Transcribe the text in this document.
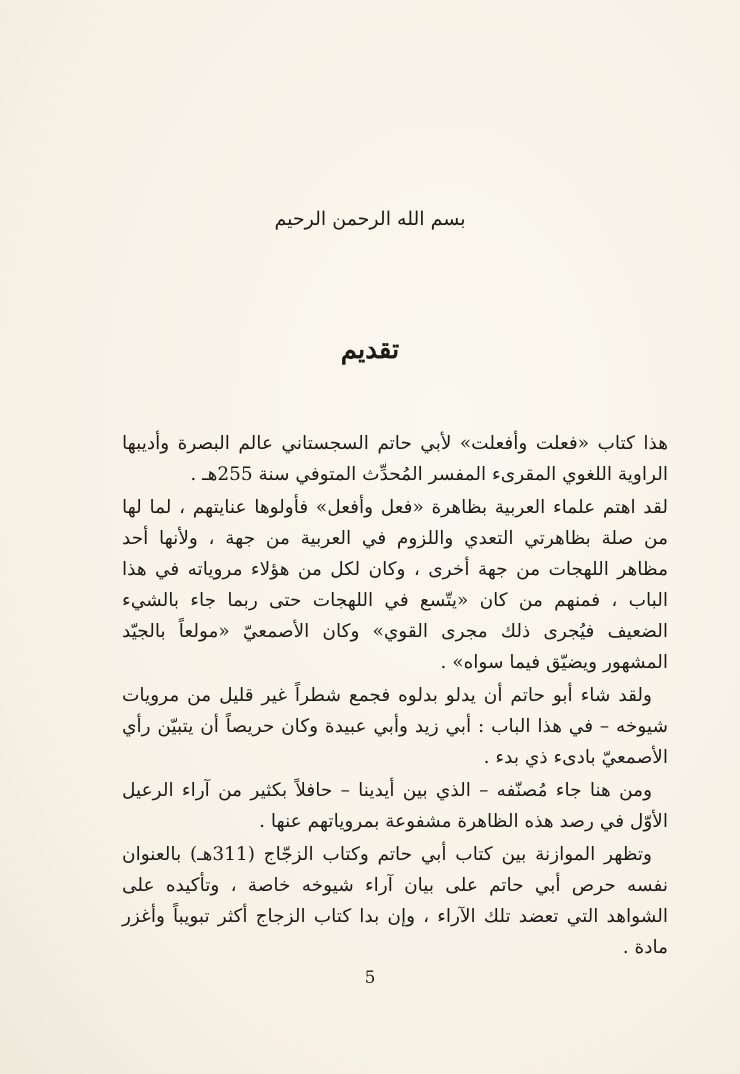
بسم الله الرحمن الرحيم
تقديم

هذا كتاب «فعلت وأفعلت» لأبي حاتم السجستاني عالم البصرة وأديبها الراوية اللغوي المقرىء المفسر المُحدِّث المتوفي سنة 255هـ .

لقد اهتم علماء العربية بظاهرة «فعل وأفعل» فأولوها عنايتهم ، لما لها من صلة بظاهرتي التعدي واللزوم في العربية من جهة ، ولأنها أحد مظاهر اللهجات من جهة أخرى ، وكان لكل من هؤلاء مروياته في هذا الباب ، فمنهم من كان «يتّسع في اللهجات حتى ربما جاء بالشيء الضعيف فيُجرى ذلك مجرى القوي» وكان الأصمعيّ «مولعاً بالجيّد المشهور ويضيّق فيما سواه» .

ولقد شاء أبو حاتم أن يدلو بدلوه فجمع شطراً غير قليل من مرويات شيوخه – في هذا الباب : أبي زيد وأبي عبيدة وكان حريصاً أن يتبيّن رأي الأصمعيّ بادىء ذي بدء .

ومن هنا جاء مُصنّفه – الذي بين أيدينا – حافلاً بكثير من آراء الرعيل الأوّل في رصد هذه الظاهرة مشفوعة بمروياتهم عنها .

وتظهر الموازنة بين كتاب أبي حاتم وكتاب الزجّاج (311هـ) بالعنوان نفسه حرص أبي حاتم على بيان آراء شيوخه خاصة ، وتأكيده على الشواهد التي تعضد تلك الآراء ، وإن بدا كتاب الزجاج أكثر تبويباً وأغزر مادة .

5
